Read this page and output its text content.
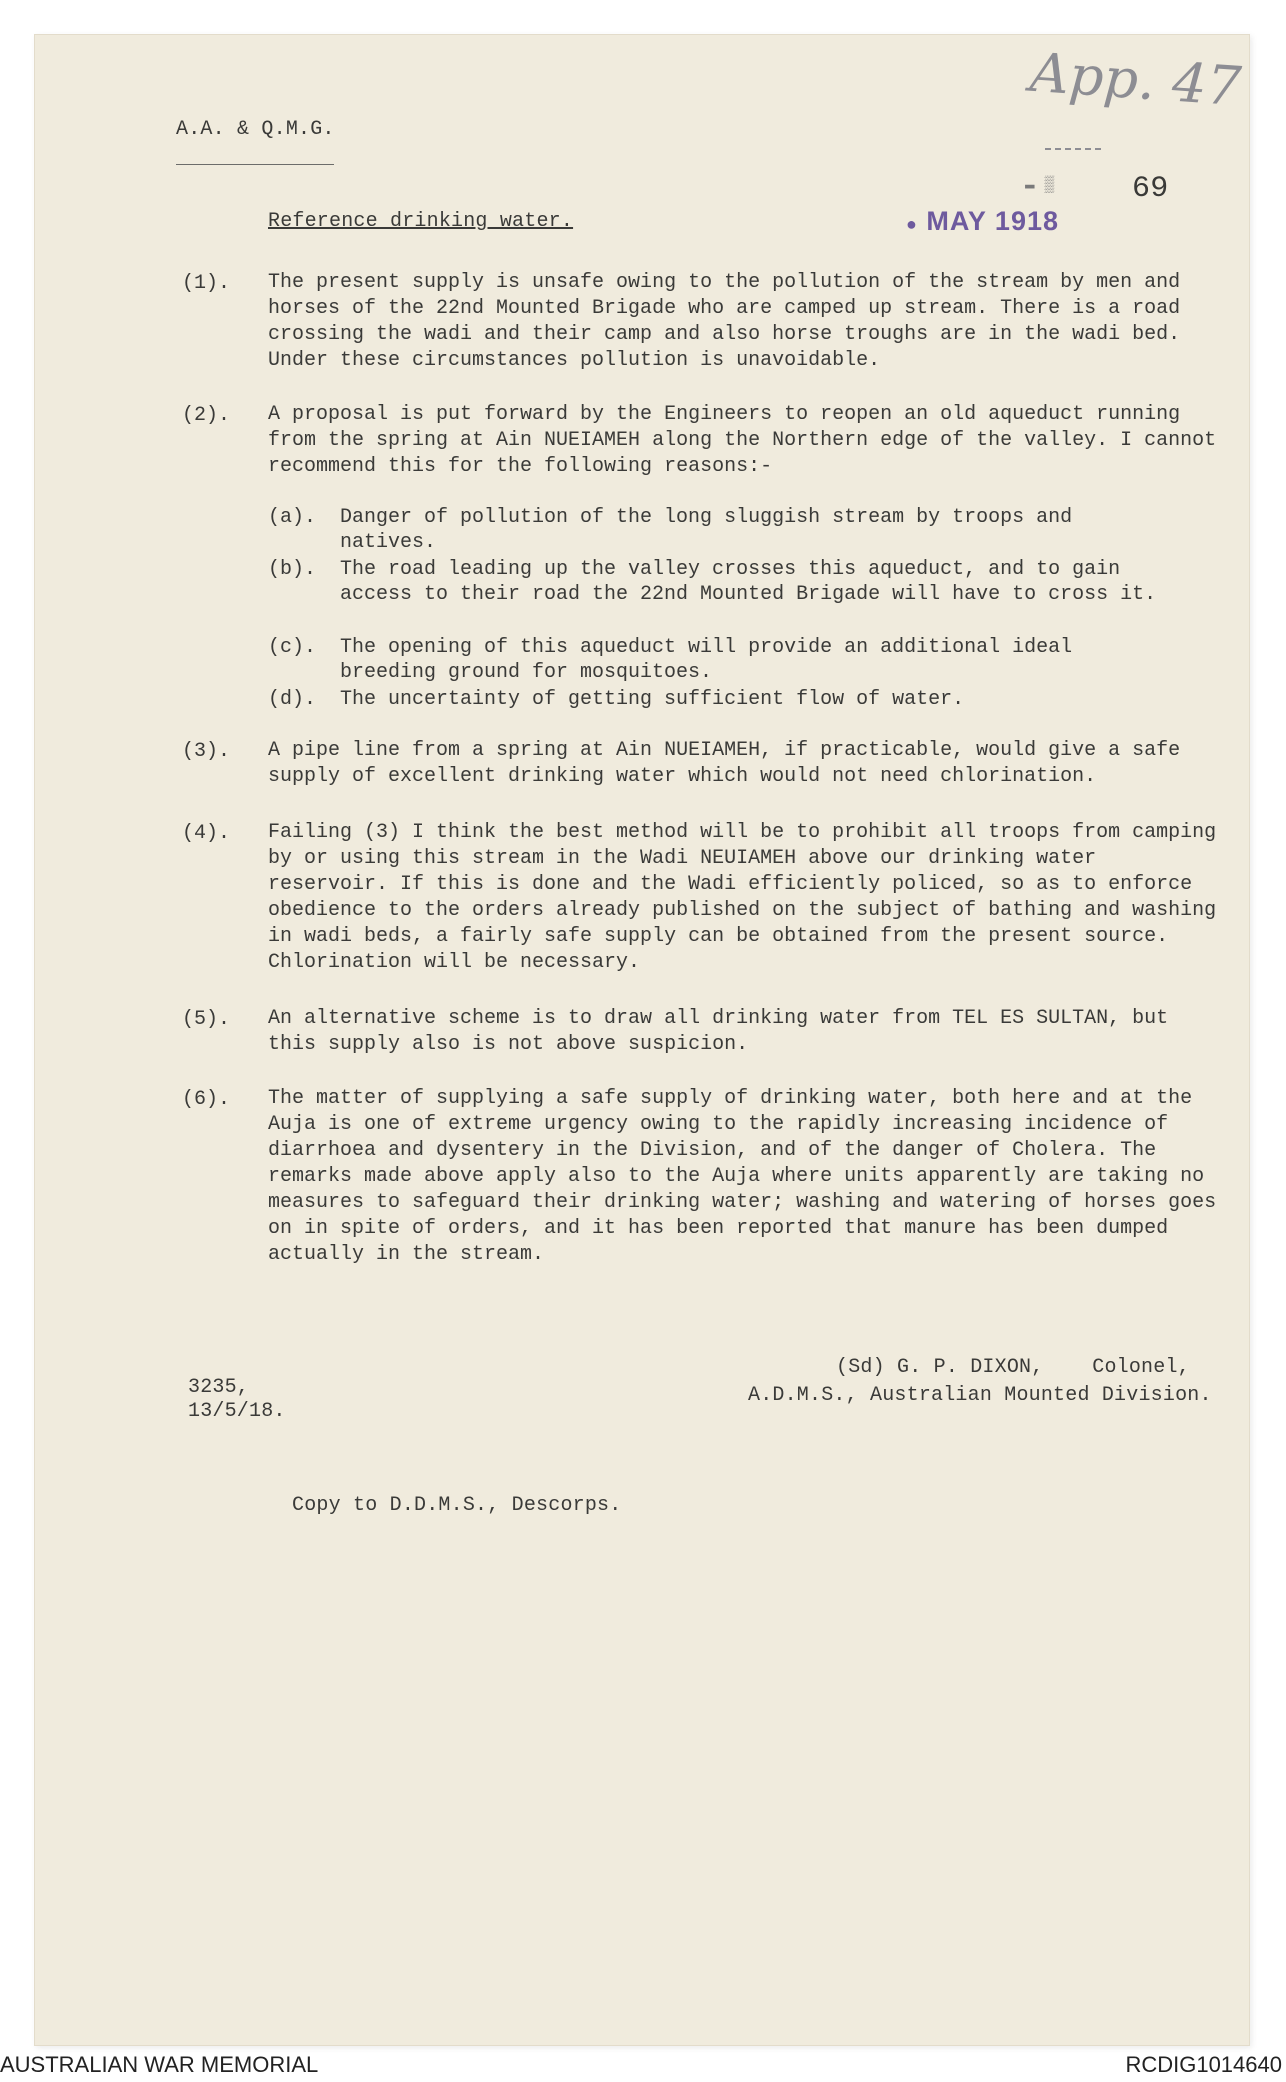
A.A. & Q.M.G.
App. 47
69
▬ ▒
● MAY 1918
Reference drinking water.
(1). The present supply is unsafe owing to the pollution of the stream by men and horses of the 22nd Mounted Brigade who are camped up stream. There is a road crossing the wadi and their camp and also horse troughs are in the wadi bed. Under these circumstances pollution is unavoidable.
(2). A proposal is put forward by the Engineers to reopen an old aqueduct running from the spring at Ain NUEIAMEH along the Northern edge of the valley. I cannot recommend this for the following reasons:-
(a). Danger of pollution of the long sluggish stream by troops and natives.
(b). The road leading up the valley crosses this aqueduct, and to gain access to their road the 22nd Mounted Brigade will have to cross it.
(c). The opening of this aqueduct will provide an additional ideal breeding ground for mosquitoes.
(d). The uncertainty of getting sufficient flow of water.
(3). A pipe line from a spring at Ain NUEIAMEH, if practicable, would give a safe supply of excellent drinking water which would not need chlorination.
(4). Failing (3) I think the best method will be to prohibit all troops from camping by or using this stream in the Wadi NEUIAMEH above our drinking water reservoir. If this is done and the Wadi efficiently policed, so as to enforce obedience to the orders already published on the subject of bathing and washing in wadi beds, a fairly safe supply can be obtained from the present source. Chlorination will be necessary.
(5). An alternative scheme is to draw all drinking water from TEL ES SULTAN, but this supply also is not above suspicion.
(6). The matter of supplying a safe supply of drinking water, both here and at the Auja is one of extreme urgency owing to the rapidly increasing incidence of diarrhoea and dysentery in the Division, and of the danger of Cholera. The remarks made above apply also to the Auja where units apparently are taking no measures to safeguard their drinking water; washing and watering of horses goes on in spite of orders, and it has been reported that manure has been dumped actually in the stream.
(Sd) G. P. DIXON,    Colonel,
A.D.M.S., Australian Mounted Division.
3235,
13/5/18.
Copy to D.D.M.S., Descorps.
AUSTRALIAN WAR MEMORIAL	RCDIG1014640
